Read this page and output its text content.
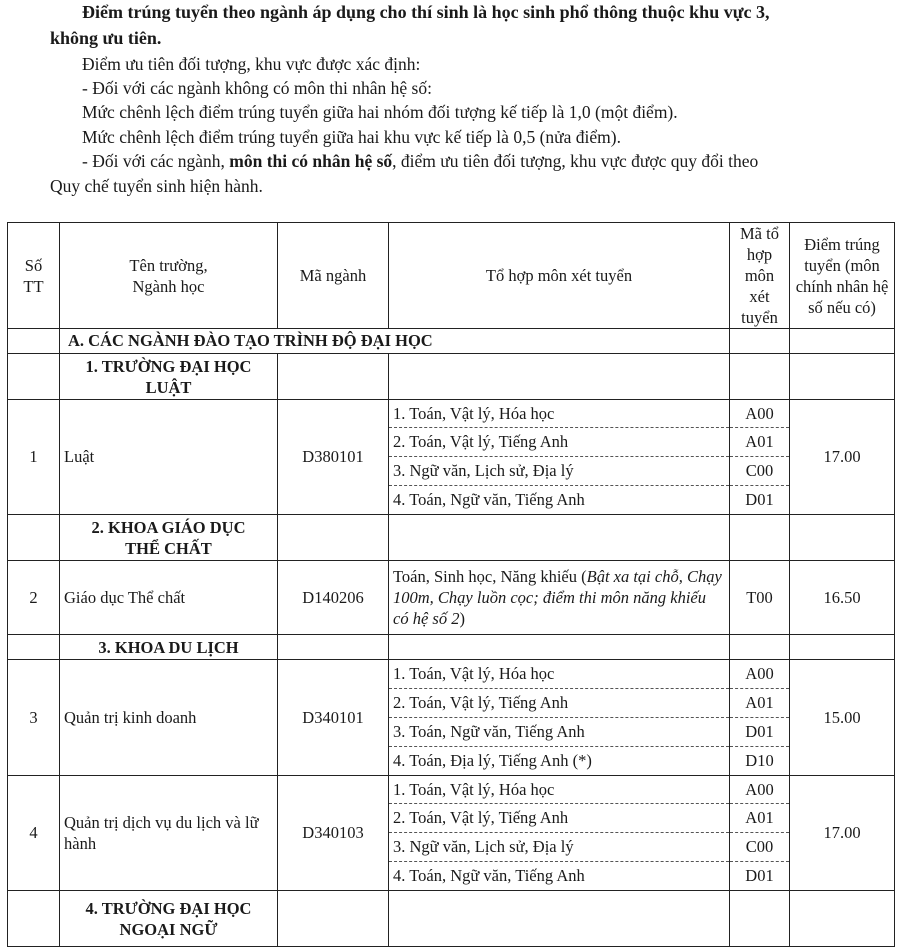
Điểm trúng tuyển theo ngành áp dụng cho thí sinh là học sinh phổ thông thuộc khu vực 3,
không ưu tiên.
Điểm ưu tiên đối tượng, khu vực được xác định:
- Đối với các ngành không có môn thi nhân hệ số:
Mức chênh lệch điểm trúng tuyển giữa hai nhóm đối tượng kế tiếp là 1,0 (một điểm).
Mức chênh lệch điểm trúng tuyển giữa hai khu vực kế tiếp là 0,5 (nửa điểm).
- Đối với các ngành, môn thi có nhân hệ số, điểm ưu tiên đối tượng, khu vực được quy đổi theo
Quy chế tuyển sinh hiện hành.
Số TT	Tên trường, Ngành học	Mã ngành	Tổ hợp môn xét tuyển	Mã tổ hợp môn xét tuyển	Điểm trúng tuyển (môn chính nhân hệ số nếu có)

	A. CÁC NGÀNH ĐÀO TẠO TRÌNH ĐỘ ĐẠI HỌC				

	1. TRƯỜNG ĐẠI HỌC LUẬT				

1	Luật	D380101	1. Toán, Vật lý, Hóa học	A00	17.00
			2. Toán, Vật lý, Tiếng Anh	A01	
			3. Ngữ văn, Lịch sử, Địa lý	C00	
			4. Toán, Ngữ văn, Tiếng Anh	D01	

	2. KHOA GIÁO DỤC THỂ CHẤT				

2	Giáo dục Thể chất	D140206	Toán, Sinh học, Năng khiếu (Bật xa tại chỗ, Chạy 100m, Chạy luồn cọc; điểm thi môn năng khiếu có hệ số 2)	T00	16.50
	3. KHOA DU LỊCH				
3	Quản trị kinh doanh	D340101	1. Toán, Vật lý, Hóa học	A00	15.00
			2. Toán, Vật lý, Tiếng Anh	A01	
			3. Toán, Ngữ văn, Tiếng Anh	D01	
			4. Toán, Địa lý, Tiếng Anh (*)	D10	
4	Quản trị dịch vụ du lịch và lữ hành	D340103	1. Toán, Vật lý, Hóa học	A00	17.00
			2. Toán, Vật lý, Tiếng Anh	A01	
			3. Ngữ văn, Lịch sử, Địa lý	C00	
			4. Toán, Ngữ văn, Tiếng Anh	D01	

	4. TRƯỜNG ĐẠI HỌC NGOẠI NGỮ				
